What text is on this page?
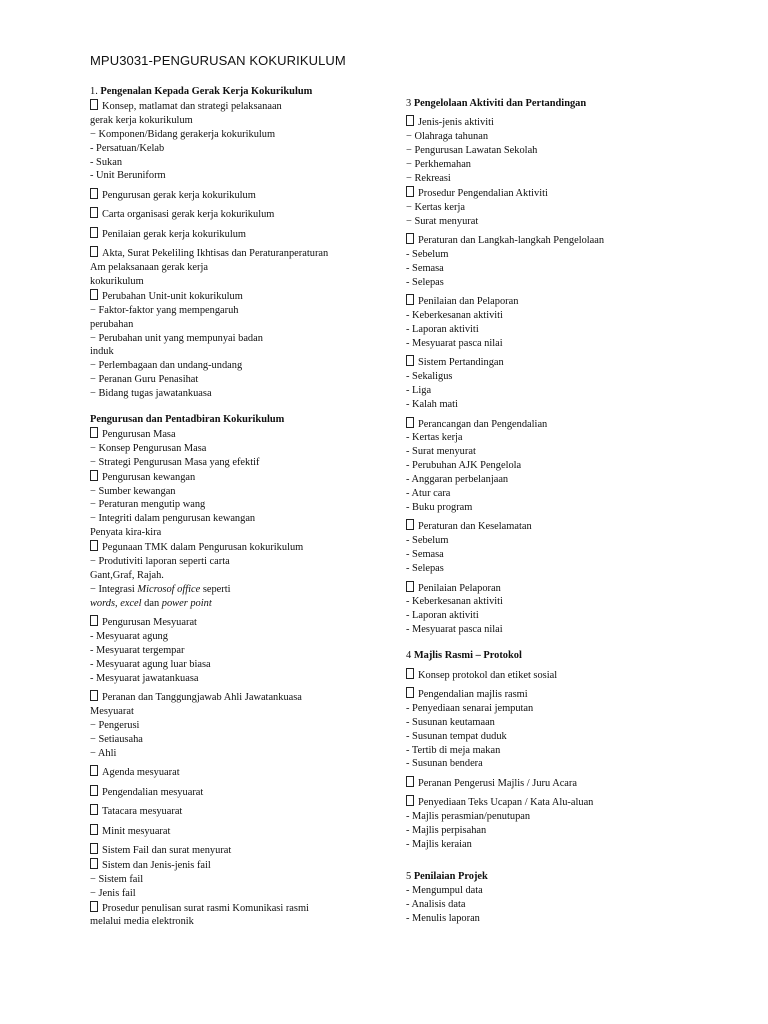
MPU3031-PENGURUSAN KOKURIKULUM
1. Pengenalan Kepada Gerak Kerja Kokurikulum
Konsep, matlamat dan strategi pelaksanaan
gerak kerja kokurikulum
− Komponen/Bidang gerakerja kokurikulum
- Persatuan/Kelab
- Sukan
- Unit Beruniform
Pengurusan gerak kerja kokurikulum
Carta organisasi gerak kerja kokurikulum
Penilaian gerak kerja kokurikulum
Akta, Surat Pekeliling Ikhtisas dan Peraturanperaturan
Am pelaksanaan gerak kerja
kokurikulum
Perubahan Unit-unit kokurikulum
− Faktor-faktor yang mempengaruh
perubahan
− Perubahan unit yang mempunyai badan
induk
− Perlembagaan dan undang-undang
− Peranan Guru Penasihat
− Bidang tugas jawatankuasa
Pengurusan dan Pentadbiran Kokurikulum
Pengurusan Masa
− Konsep Pengurusan Masa
− Strategi Pengurusan Masa yang efektif
Pengurusan kewangan
− Sumber kewangan
− Peraturan mengutip wang
− Integriti dalam pengurusan kewangan
Penyata kira-kira
Pegunaan TMK dalam Pengurusan kokurikulum
− Produtiviti laporan seperti carta
Gant,Graf, Rajah.
− Integrasi Microsof office seperti
words, excel dan power point
Pengurusan Mesyuarat
- Mesyuarat agung
- Mesyuarat tergempar
- Mesyuarat agung luar biasa
- Mesyuarat jawatankuasa
Peranan dan Tanggungjawab Ahli Jawatankuasa
Mesyuarat
− Pengerusi
− Setiausaha
− Ahli
Agenda mesyuarat
Pengendalian mesyuarat
Tatacara mesyuarat
Minit mesyuarat
Sistem Fail dan surat menyurat
Sistem dan Jenis-jenis fail
− Sistem fail
− Jenis fail
Prosedur penulisan surat rasmi Komunikasi rasmi
melalui media elektronik
3 Pengelolaan Aktiviti dan Pertandingan
Jenis-jenis aktiviti
− Olahraga tahunan
− Pengurusan Lawatan Sekolah
− Perkhemahan
− Rekreasi
Prosedur Pengendalian Aktiviti
− Kertas kerja
− Surat menyurat
Peraturan dan Langkah-langkah Pengelolaan
- Sebelum
- Semasa
- Selepas
Penilaian dan Pelaporan
- Keberkesanan aktiviti
- Laporan aktiviti
- Mesyuarat pasca nilai
Sistem Pertandingan
- Sekaligus
- Liga
- Kalah mati
Perancangan dan Pengendalian
- Kertas kerja
- Surat menyurat
- Perubuhan AJK Pengelola
- Anggaran perbelanjaan
- Atur cara
- Buku program
Peraturan dan Keselamatan
- Sebelum
- Semasa
- Selepas
Penilaian Pelaporan
- Keberkesanan aktiviti
- Laporan aktiviti
- Mesyuarat pasca nilai
4 Majlis Rasmi – Protokol
Konsep protokol dan etiket sosial
Pengendalian majlis rasmi
- Penyediaan senarai jemputan
- Susunan keutamaan
- Susunan tempat duduk
- Tertib di meja makan
- Susunan bendera
Peranan Pengerusi Majlis / Juru Acara
Penyediaan Teks Ucapan / Kata Alu-aluan
- Majlis perasmian/penutupan
- Majlis perpisahan
- Majlis keraian
5 Penilaian Projek
- Mengumpul data
- Analisis data
- Menulis laporan
